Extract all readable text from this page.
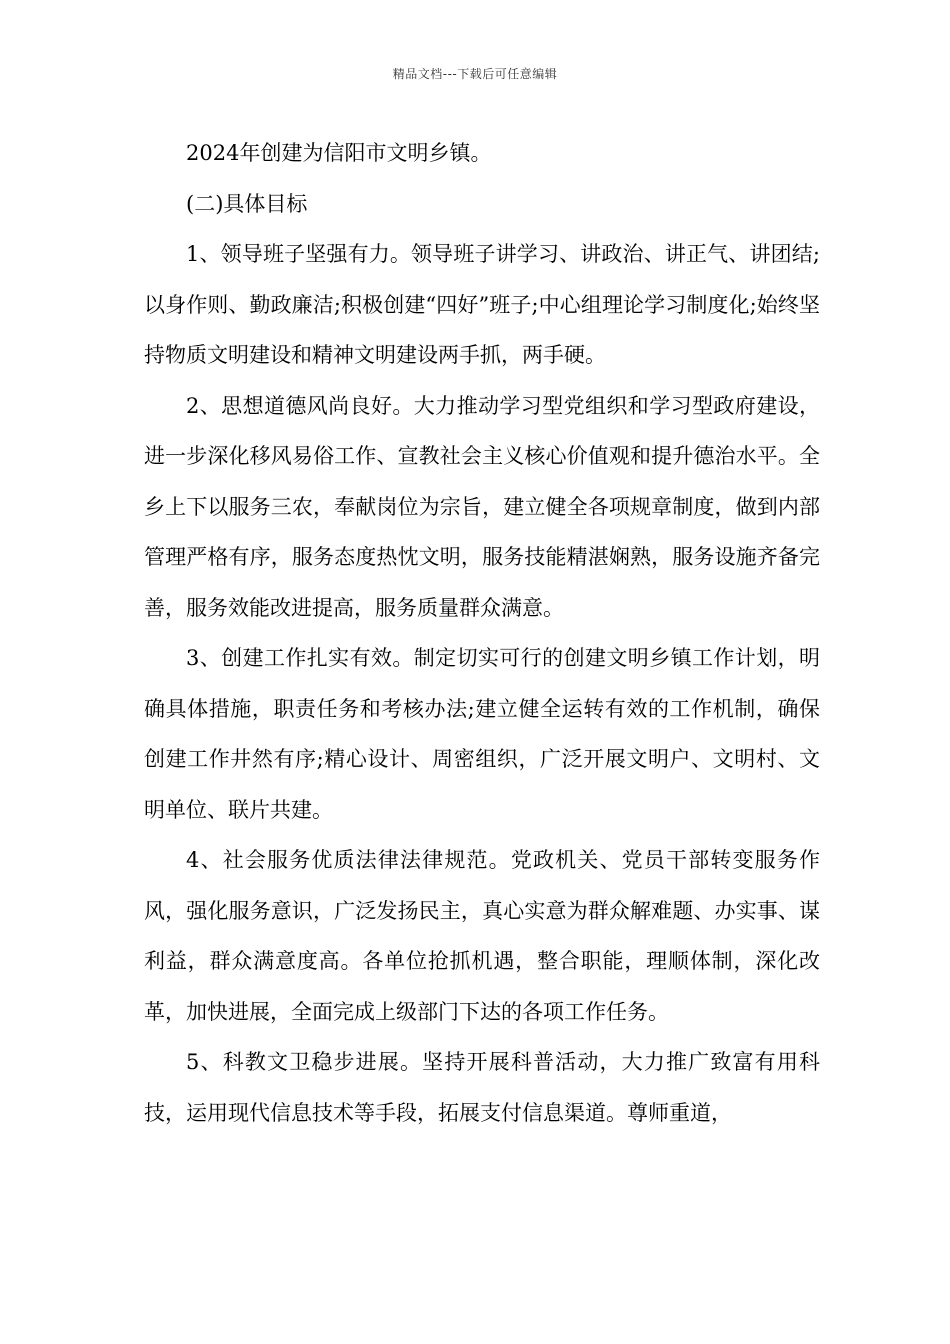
精品文档---下载后可任意编辑

2024年创建为信阳市文明乡镇。

(二)具体目标

1、领导班子坚强有力。领导班子讲学习、讲政治、讲正气、讲团结;以身作则、勤政廉洁;积极创建“四好”班子;中心组理论学习制度化;始终坚持物质文明建设和精神文明建设两手抓，两手硬。

2、思想道德风尚良好。大力推动学习型党组织和学习型政府建设，进一步深化移风易俗工作、宣教社会主义核心价值观和提升德治水平。全乡上下以服务三农，奉献岗位为宗旨，建立健全各项规章制度，做到内部管理严格有序，服务态度热忱文明，服务技能精湛娴熟，服务设施齐备完善，服务效能改进提高，服务质量群众满意。

3、创建工作扎实有效。制定切实可行的创建文明乡镇工作计划，明确具体措施，职责任务和考核办法;建立健全运转有效的工作机制，确保创建工作井然有序;精心设计、周密组织，广泛开展文明户、文明村、文明单位、联片共建。

4、社会服务优质法律法律规范。党政机关、党员干部转变服务作风，强化服务意识，广泛发扬民主，真心实意为群众解难题、办实事、谋利益，群众满意度高。各单位抢抓机遇，整合职能，理顺体制，深化改革，加快进展，全面完成上级部门下达的各项工作任务。

5、科教文卫稳步进展。坚持开展科普活动，大力推广致富有用科技，运用现代信息技术等手段，拓展支付信息渠道。尊师重道，
